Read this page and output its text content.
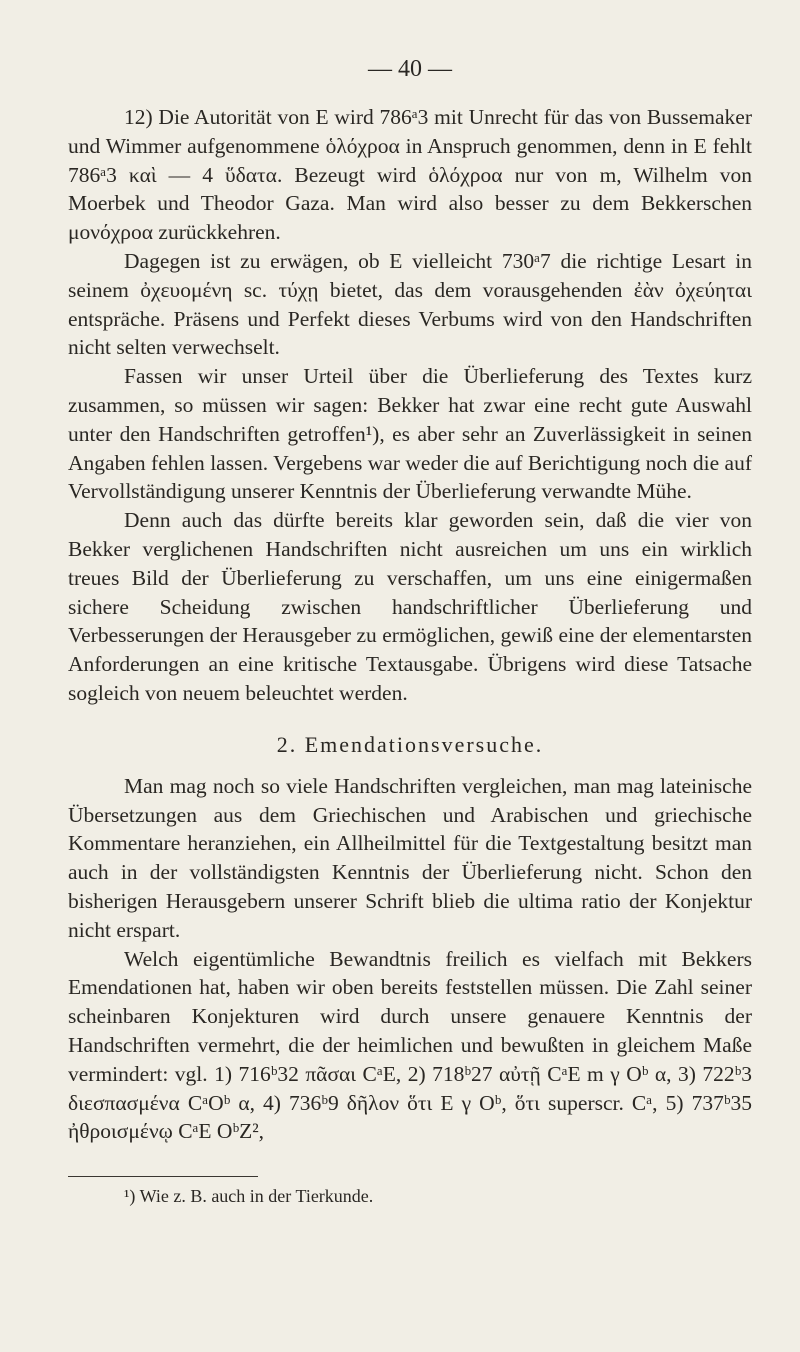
— 40 —

12) Die Autorität von E wird 786ᵃ3 mit Unrecht für das von Bussemaker und Wimmer aufgenommene ὁλόχροα in Anspruch genommen, denn in E fehlt 786ᵃ3 καὶ — 4 ὕδατα. Bezeugt wird ὁλόχροα nur von m, Wilhelm von Moerbek und Theodor Gaza. Man wird also besser zu dem Bekkerschen μονόχροα zurückkehren.

Dagegen ist zu erwägen, ob E vielleicht 730ᵃ7 die richtige Lesart in seinem ὀχευομένη sc. τύχῃ bietet, das dem vorausgehenden ἐὰν ὀχεύηται entspräche. Präsens und Perfekt dieses Verbums wird von den Handschriften nicht selten verwechselt.

Fassen wir unser Urteil über die Überlieferung des Textes kurz zusammen, so müssen wir sagen: Bekker hat zwar eine recht gute Auswahl unter den Handschriften getroffen¹), es aber sehr an Zuverlässigkeit in seinen Angaben fehlen lassen. Vergebens war weder die auf Berichtigung noch die auf Vervollständigung unserer Kenntnis der Überlieferung verwandte Mühe.

Denn auch das dürfte bereits klar geworden sein, daß die vier von Bekker verglichenen Handschriften nicht ausreichen um uns ein wirklich treues Bild der Überlieferung zu verschaffen, um uns eine einigermaßen sichere Scheidung zwischen handschriftlicher Überlieferung und Verbesserungen der Herausgeber zu ermöglichen, gewiß eine der elementarsten Anforderungen an eine kritische Textausgabe. Übrigens wird diese Tatsache sogleich von neuem beleuchtet werden.

2. Emendationsversuche.

Man mag noch so viele Handschriften vergleichen, man mag lateinische Übersetzungen aus dem Griechischen und Arabischen und griechische Kommentare heranziehen, ein Allheilmittel für die Textgestaltung besitzt man auch in der vollständigsten Kenntnis der Überlieferung nicht. Schon den bisherigen Herausgebern unserer Schrift blieb die ultima ratio der Konjektur nicht erspart.

Welch eigentümliche Bewandtnis freilich es vielfach mit Bekkers Emendationen hat, haben wir oben bereits feststellen müssen. Die Zahl seiner scheinbaren Konjekturen wird durch unsere genauere Kenntnis der Handschriften vermehrt, die der heimlichen und bewußten in gleichem Maße vermindert: vgl. 1) 716ᵇ32 πᾶσαι CᵃE, 2) 718ᵇ27 αὐτῇ CᵃE m γ Oᵇ α, 3) 722ᵇ3 διεσπασμένα CᵃOᵇ α, 4) 736ᵇ9 δῆλον ὅτι E γ Oᵇ, ὅτι superscr. Cᵃ, 5) 737ᵇ35 ἠθροισμένῳ CᵃE OᵇZ²,

¹) Wie z. B. auch in der Tierkunde.
